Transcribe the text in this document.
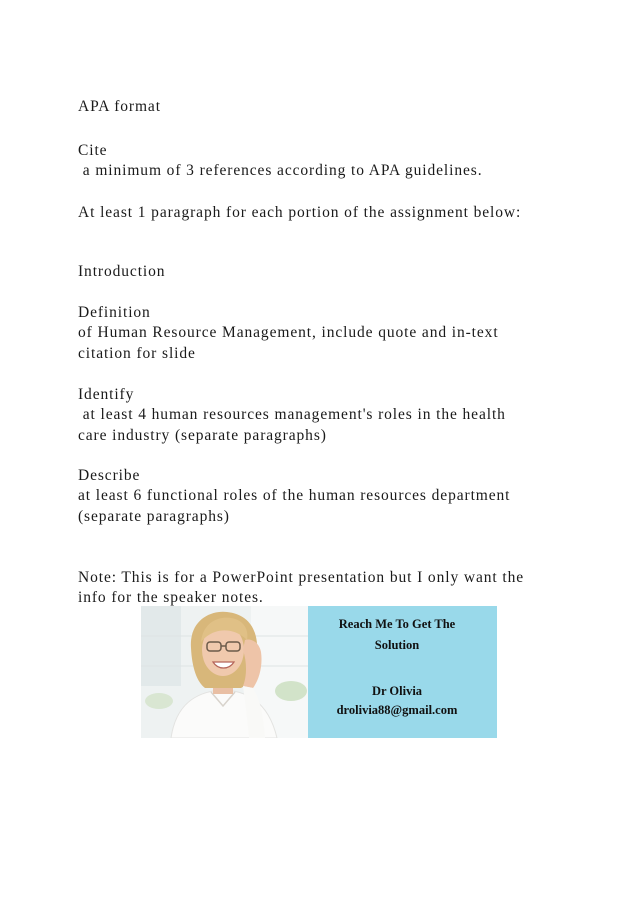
APA format
Cite
a minimum of 3 references according to APA guidelines.
At least 1 paragraph for each portion of the assignment below:
Introduction
Definition
of Human Resource Management, include quote and in-text
citation for slide
Identify
at least 4 human resources management's roles in the health
care industry (separate paragraphs)
Describe
at least 6 functional roles of the human resources department
(separate paragraphs)
Note: This is for a PowerPoint presentation but I only want the
info for the speaker notes.
Reach Me To Get The
Solution
Dr Olivia
drolivia88@gmail.com
